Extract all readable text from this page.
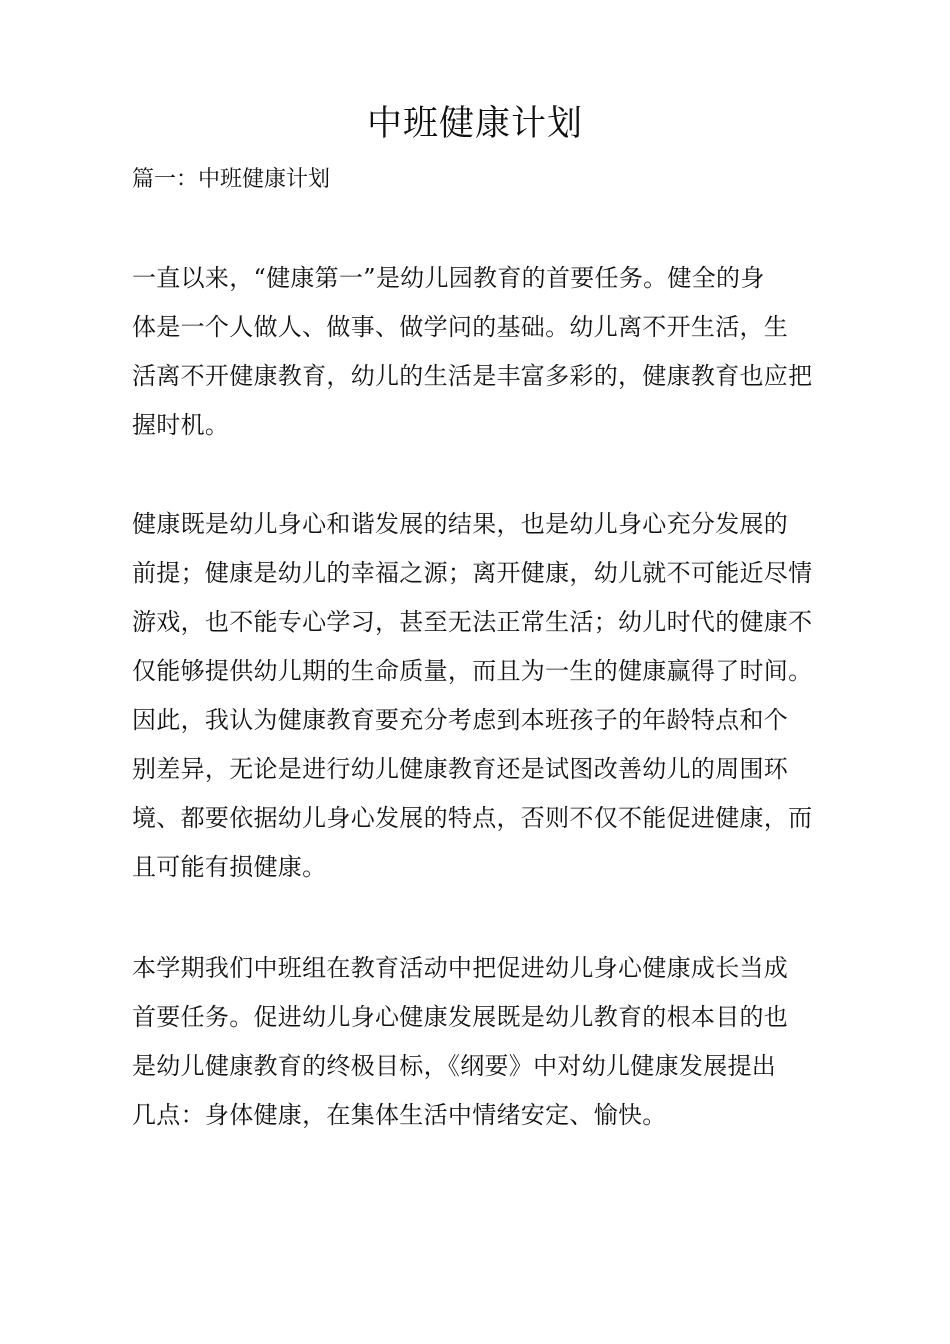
中班健康计划
篇一：中班健康计划
一直以来，“健康第一”是幼儿园教育的首要任务。健全的身
体是一个人做人、做事、做学问的基础。幼儿离不开生活，生
活离不开健康教育，幼儿的生活是丰富多彩的，健康教育也应把
握时机。
健康既是幼儿身心和谐发展的结果，也是幼儿身心充分发展的
前提；健康是幼儿的幸福之源；离开健康，幼儿就不可能近尽情
游戏，也不能专心学习，甚至无法正常生活；幼儿时代的健康不
仅能够提供幼儿期的生命质量，而且为一生的健康赢得了时间。
因此，我认为健康教育要充分考虑到本班孩子的年龄特点和个
别差异，无论是进行幼儿健康教育还是试图改善幼儿的周围环
境、都要依据幼儿身心发展的特点，否则不仅不能促进健康，而
且可能有损健康。
本学期我们中班组在教育活动中把促进幼儿身心健康成长当成
首要任务。促进幼儿身心健康发展既是幼儿教育的根本目的也
是幼儿健康教育的终极目标，《纲要》中对幼儿健康发展提出
几点：身体健康，在集体生活中情绪安定、愉快。
